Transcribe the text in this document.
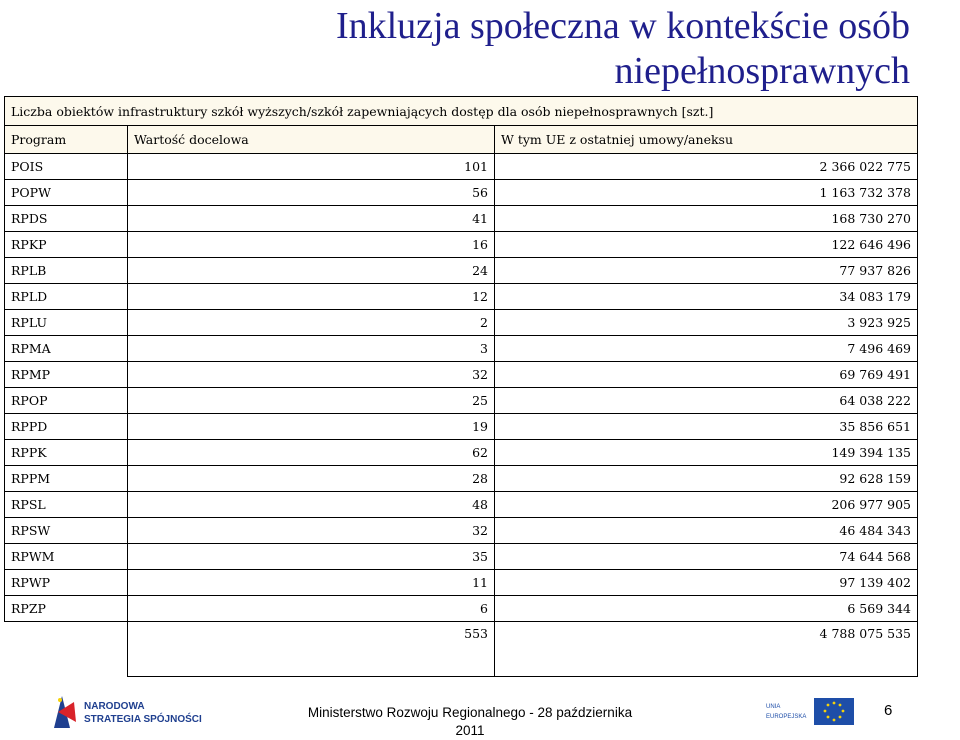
Inkluzja społeczna w kontekście osób niepełnosprawnych
Liczba obiektów infrastruktury szkół wyższych/szkół zapewniających dostęp dla osób niepełnosprawnych [szt.]		
Program	Wartość docelowa	W tym UE z ostatniej umowy/aneksu
POIS	101	2 366 022 775
POPW	56	1 163 732 378
RPDS	41	168 730 270
RPKP	16	122 646 496
RPLB	24	77 937 826
RPLD	12	34 083 179
RPLU	2	3 923 925
RPMA	3	7 496 469
RPMP	32	69 769 491
RPOP	25	64 038 222
RPPD	19	35 856 651
RPPK	62	149 394 135
RPPM	28	92 628 159
RPSL	48	206 977 905
RPSW	32	46 484 343
RPWM	35	74 644 568
RPWP	11	97 139 402
RPZP	6	6 569 344
	553	4 788 075 535
NARODOWA
STRATEGIA SPÓJNOŚCI	Ministerstwo Rozwoju Regionalnego - 28 października 2011
UNIA
EUROPEJSKA	6
